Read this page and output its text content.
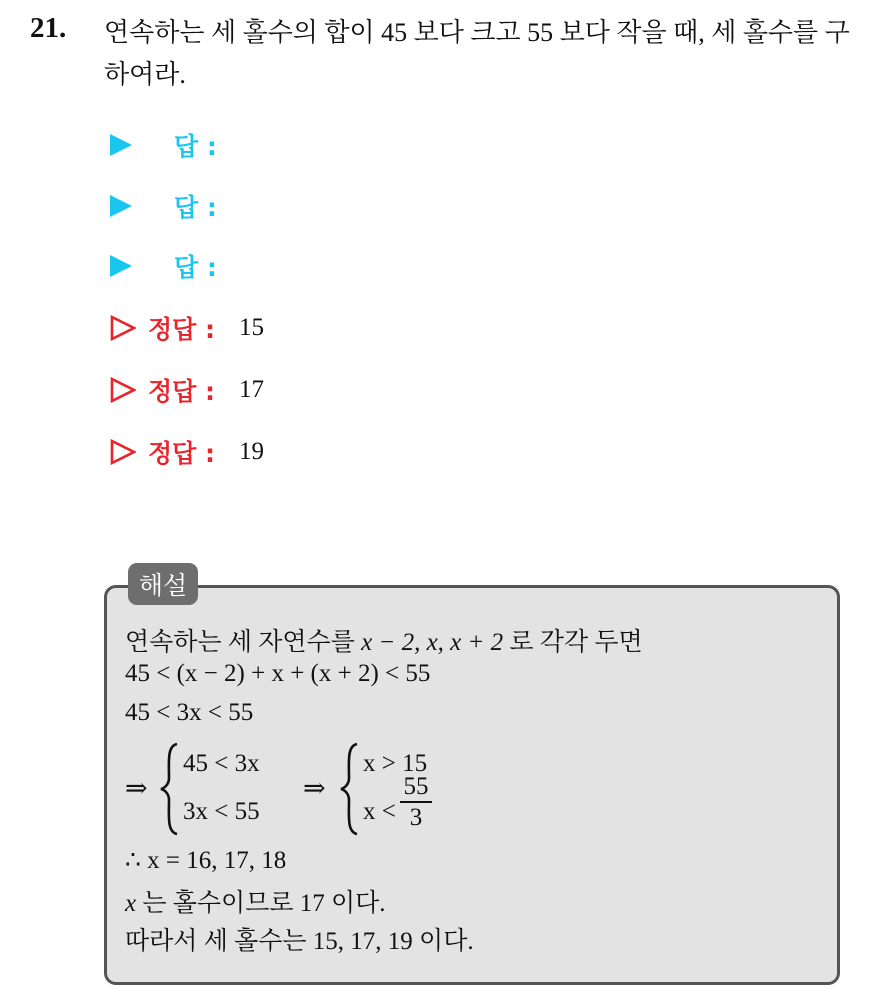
21. 연속하는 세 홀수의 합이 45 보다 크고 55 보다 작을 때, 세 홀수를 구하여라.
답 :
답 :
답 :
정답 : 15
정답 : 17
정답 : 19
해설
연속하는 세 자연수를 x − 2, x, x + 2 로 각각 두면
45 < (x − 2) + x + (x + 2) < 55
45 < 3x < 55
⇒
45 < 3x
3x < 55
⇒
x > 15
x <
55
3
∴ x = 16, 17, 18
x 는 홀수이므로 17 이다.
따라서 세 홀수는 15, 17, 19 이다.
